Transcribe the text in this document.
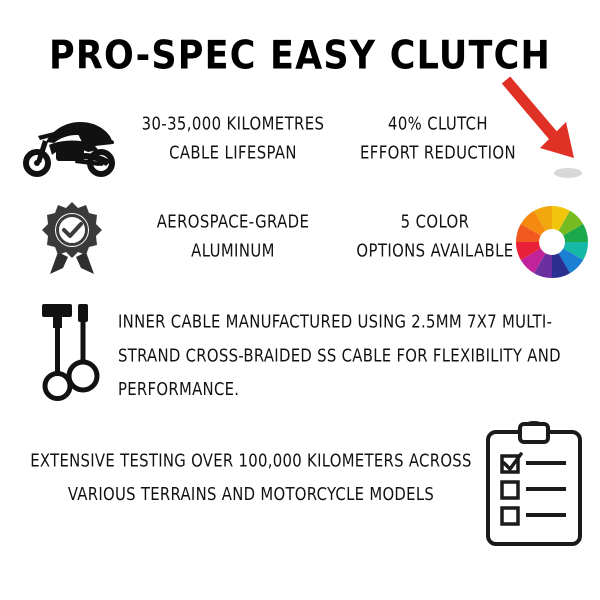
PRO-SPEC EASY CLUTCH
30-35,000 KILOMETRES
CABLE LIFESPAN
40% CLUTCH
EFFORT REDUCTION
AEROSPACE-GRADE
ALUMINUM
5 COLOR
OPTIONS AVAILABLE
INNER CABLE MANUFACTURED USING 2.5MM 7X7 MULTI-
STRAND CROSS-BRAIDED SS CABLE FOR FLEXIBILITY AND
PERFORMANCE.
EXTENSIVE TESTING OVER 100,000 KILOMETERS ACROSS
VARIOUS TERRAINS AND MOTORCYCLE MODELS
